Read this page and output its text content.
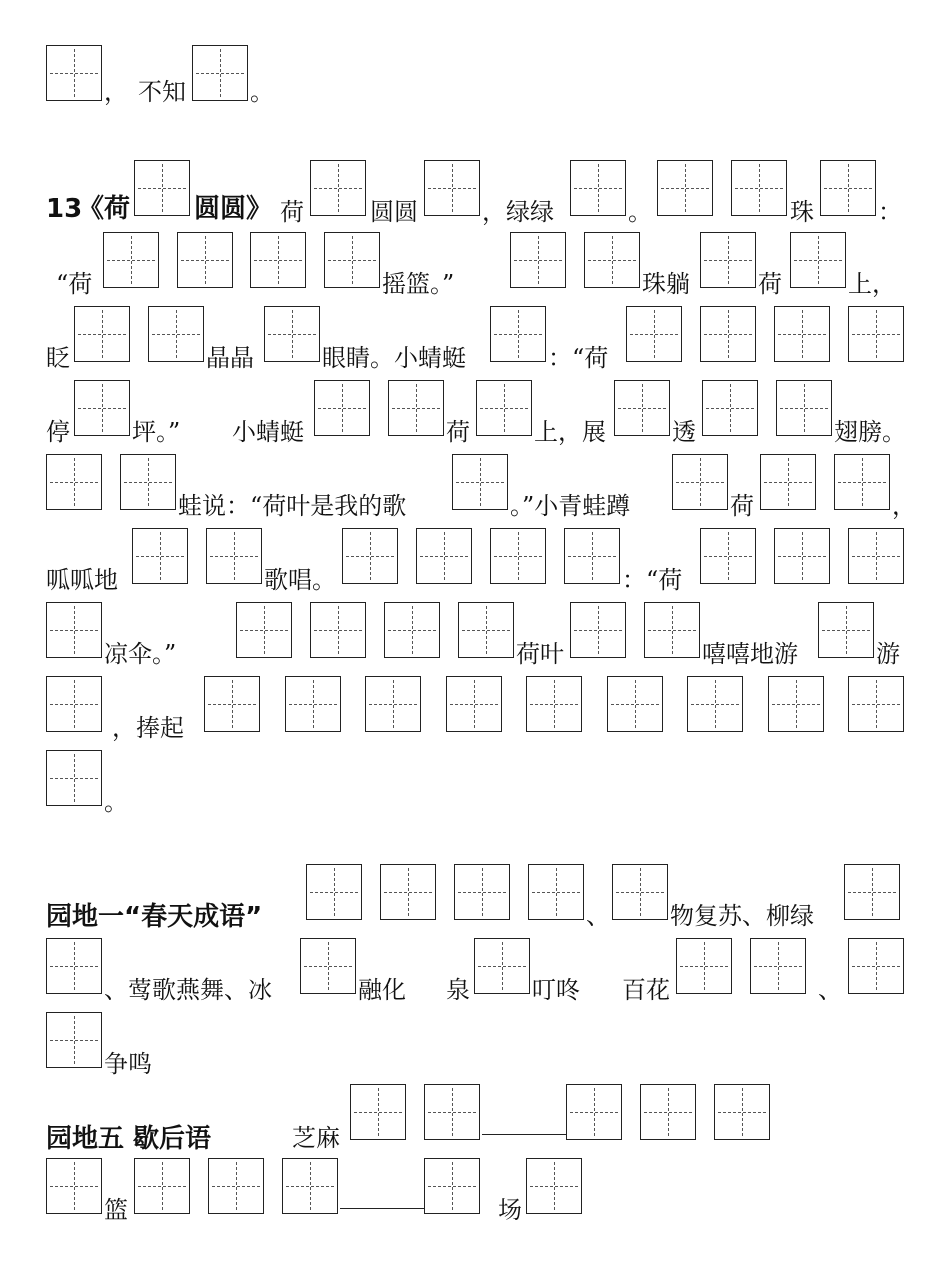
， 不知	。
13
《荷 圆圆》 荷	圆圆	，绿绿	。	珠	：
“荷	摇篮。”	珠躺	荷	上，
眨	晶晶	眼睛。小蜻蜓	：“荷
停	坪。” 小蜻蜓	荷	上，展	透	翅膀。
蛙说：“荷叶是我的歌	。”小青蛙蹲	荷	，
呱呱地	歌唱。	：“荷
凉伞。”	荷叶	嘻嘻地游	游
，捧起
。
园地一“春天成语”	、	物复苏、柳绿
、莺歌燕舞、冰	融化 泉	叮咚 百花	、
争鸣
园地五 歇后语	芝麻
篮	场
